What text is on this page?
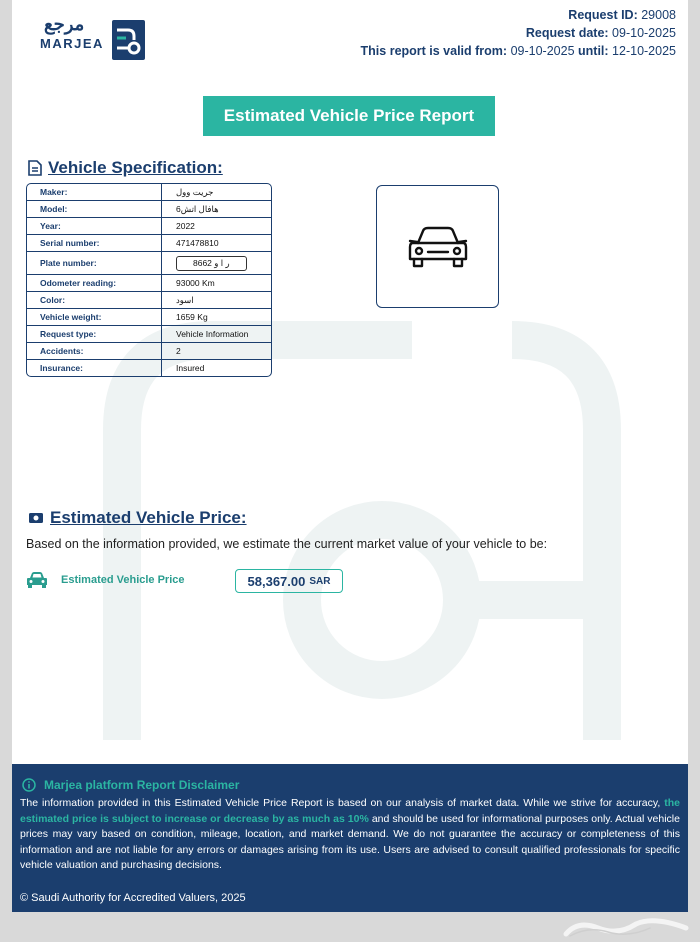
مرجع
MARJEA
Request ID: 29008
Request date: 09-10-2025
This report is valid from: 09-10-2025 until: 12-10-2025
Estimated Vehicle Price Report
Vehicle Specification:
Maker:	جريت وول
Model:	هافال اتش6
Year:	2022
Serial number:	471478810
Plate number:	ر ا و 8662
Odometer reading:	93000 Km
Color:	اسود
Vehicle weight:	1659 Kg
Request type:	Vehicle Information
Accidents:	2
Insurance:	Insured
Estimated Vehicle Price:
Based on the information provided, we estimate the current market value of your vehicle to be:
Estimated Vehicle Price	58,367.00 SAR
Marjea platform Report Disclaimer
The information provided in this Estimated Vehicle Price Report is based on our analysis of market data. While we strive for accuracy, the estimated price is subject to increase or decrease by as much as 10% and should be used for informational purposes only. Actual vehicle prices may vary based on condition, mileage, location, and market demand. We do not guarantee the accuracy or completeness of this information and are not liable for any errors or damages arising from its use. Users are advised to consult qualified professionals for specific vehicle valuation and purchasing decisions.
© Saudi Authority for Accredited Valuers, 2025
